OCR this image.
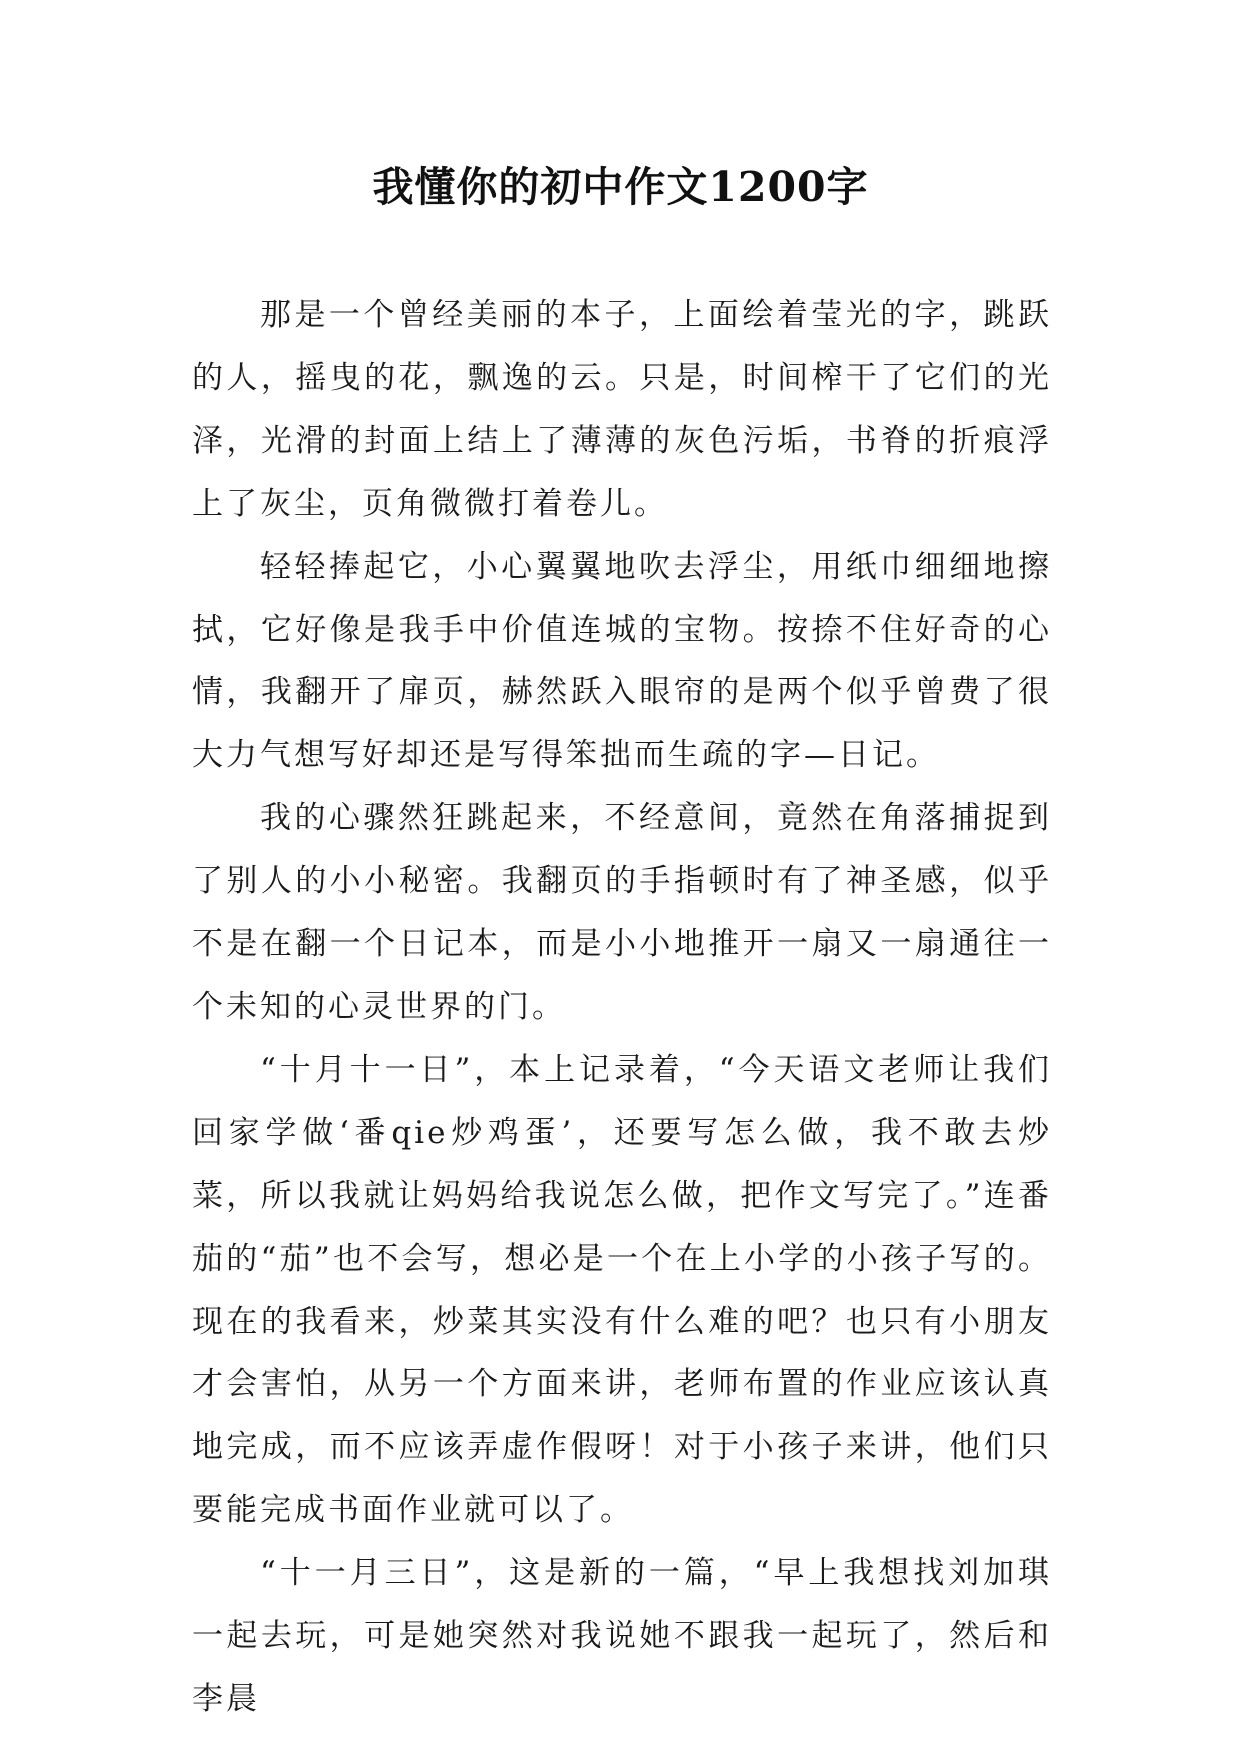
我懂你的初中作文1200字

那是一个曾经美丽的本子，上面绘着莹光的字，跳跃的人，摇曳的花，飘逸的云。只是，时间榨干了它们的光泽，光滑的封面上结上了薄薄的灰色污垢，书脊的折痕浮上了灰尘，页角微微打着卷儿。

轻轻捧起它，小心翼翼地吹去浮尘，用纸巾细细地擦拭，它好像是我手中价值连城的宝物。按捺不住好奇的心情，我翻开了扉页，赫然跃入眼帘的是两个似乎曾费了很大力气想写好却还是写得笨拙而生疏的字—日记。

我的心骤然狂跳起来，不经意间，竟然在角落捕捉到了别人的小小秘密。我翻页的手指顿时有了神圣感，似乎不是在翻一个日记本，而是小小地推开一扇又一扇通往一个未知的心灵世界的门。

“十月十一日”，本上记录着，“今天语文老师让我们回家学做‘番qie炒鸡蛋’，还要写怎么做，我不敢去炒菜，所以我就让妈妈给我说怎么做，把作文写完了。”连番茄的“茄”也不会写，想必是一个在上小学的小孩子写的。现在的我看来，炒菜其实没有什么难的吧？也只有小朋友才会害怕，从另一个方面来讲，老师布置的作业应该认真地完成，而不应该弄虚作假呀！对于小孩子来讲，他们只要能完成书面作业就可以了。

“十一月三日”，这是新的一篇，“早上我想找刘加琪一起去玩，可是她突然对我说她不跟我一起玩了，然后和李晨
